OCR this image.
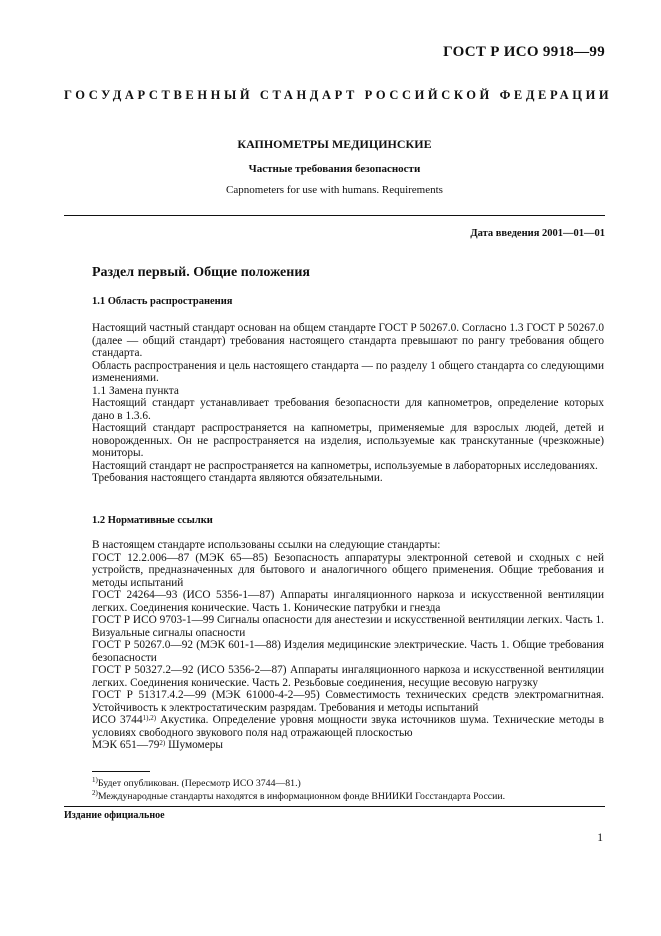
ГОСТ Р ИСО 9918—99
ГОСУДАРСТВЕННЫЙ СТАНДАРТ РОССИЙСКОЙ ФЕДЕРАЦИИ
КАПНОМЕТРЫ МЕДИЦИНСКИЕ
Частные требования безопасности
Capnometers for use with humans. Requirements
Дата введения 2001—01—01
Раздел первый. Общие положения
1.1 Область распространения

Настоящий частный стандарт основан на общем стандарте ГОСТ Р 50267.0. Согласно 1.3 ГОСТ Р 50267.0 (далее — общий стандарт) требования настоящего стандарта превышают по рангу требования общего стандарта.

Область распространения и цель настоящего стандарта — по разделу 1 общего стандарта со следующими изменениями.

1.1 Замена пункта

Настоящий стандарт устанавливает требования безопасности для капнометров, определение которых дано в 1.3.6.

Настоящий стандарт распространяется на капнометры, применяемые для взрослых людей, детей и новорожденных. Он не распространяется на изделия, используемые как транскутанные (чрезкожные) мониторы.

Настоящий стандарт не распространяется на капнометры, используемые в лабораторных исследованиях.

Требования настоящего стандарта являются обязательными.

1.2 Нормативные ссылки

В настоящем стандарте использованы ссылки на следующие стандарты:

ГОСТ 12.2.006—87 (МЭК 65—85) Безопасность аппаратуры электронной сетевой и сходных с ней устройств, предназначенных для бытового и аналогичного общего применения. Общие требования и методы испытаний

ГОСТ 24264—93 (ИСО 5356-1—87) Аппараты ингаляционного наркоза и искусственной вентиляции легких. Соединения конические. Часть 1. Конические патрубки и гнезда

ГОСТ Р ИСО 9703-1—99 Сигналы опасности для анестезии и искусственной вентиляции легких. Часть 1. Визуальные сигналы опасности

ГОСТ Р 50267.0—92 (МЭК 601-1—88) Изделия медицинские электрические. Часть 1. Общие требования безопасности

ГОСТ Р 50327.2—92 (ИСО 5356-2—87) Аппараты ингаляционного наркоза и искусственной вентиляции легких. Соединения конические. Часть 2. Резьбовые соединения, несущие весовую нагрузку

ГОСТ Р 51317.4.2—99 (МЭК 61000-4-2—95) Совместимость технических средств электромагнитная. Устойчивость к электростатическим разрядам. Требования и методы испытаний

ИСО $3744^{1),2)}$ Акустика. Определение уровня мощности звука источников шума. Технические методы в условиях свободного звукового поля над отражающей плоскостью

МЭК 651—79$^{2)}$ Шумомеры

$^{1)}$Будет опубликован. (Пересмотр ИСО 3744—81.)
$^{2)}$Международные стандарты находятся в информационном фонде ВНИИКИ Госстандарта России.
Издание официальное
1
